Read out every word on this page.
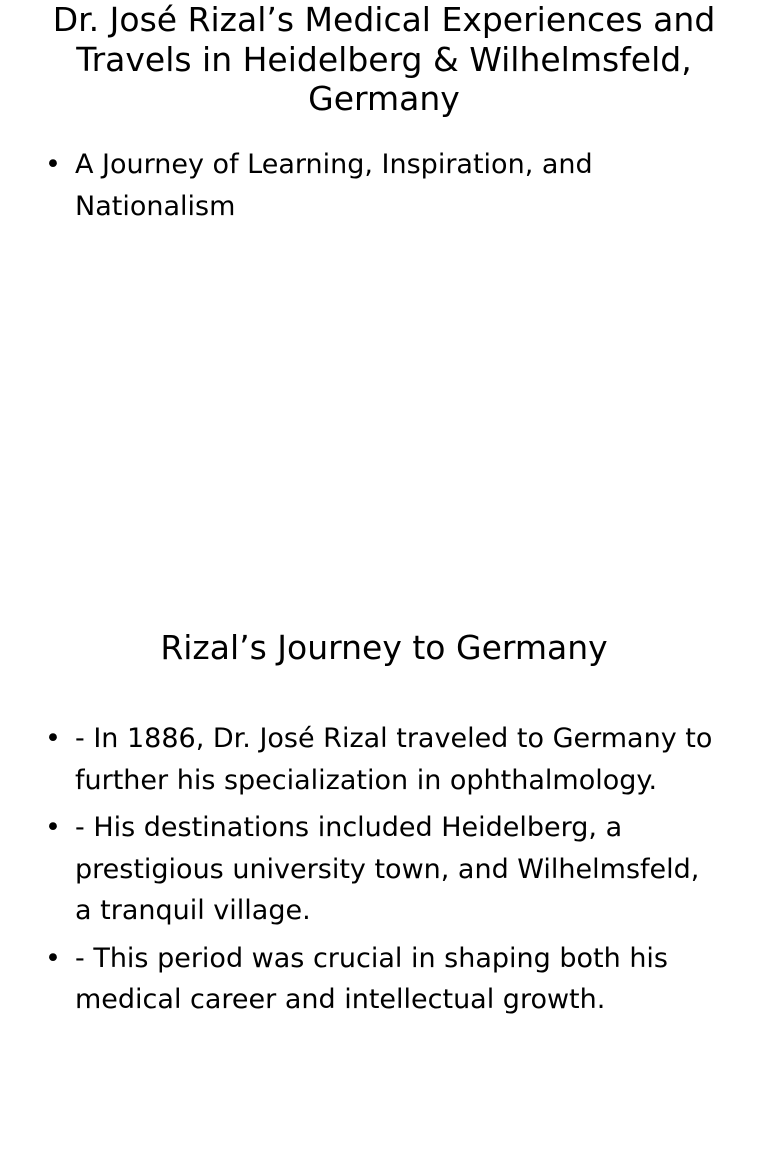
Dr. José Rizal’s Medical Experiences and Travels in Heidelberg & Wilhelmsfeld, Germany
• A Journey of Learning, Inspiration, and Nationalism
Rizal’s Journey to Germany
• - In 1886, Dr. José Rizal traveled to Germany to further his specialization in ophthalmology.
• - His destinations included Heidelberg, a prestigious university town, and Wilhelmsfeld, a tranquil village.
• - This period was crucial in shaping both his medical career and intellectual growth.
